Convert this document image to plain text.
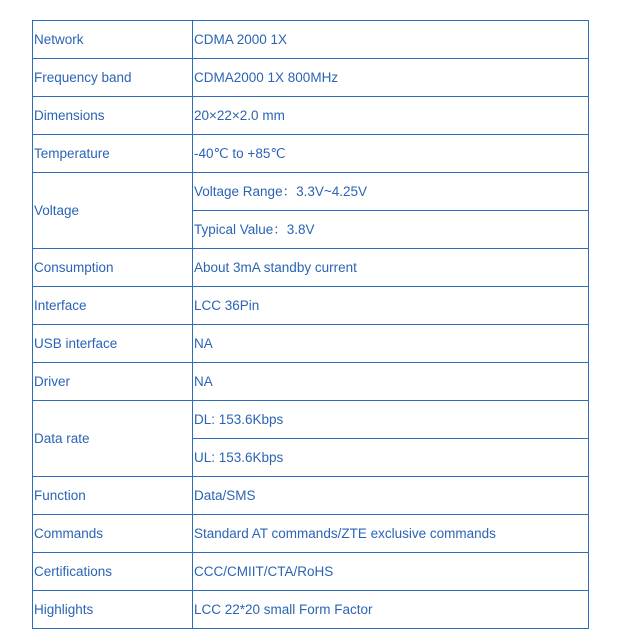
Network	CDMA 2000 1X
Frequency band	CDMA2000 1X 800MHz
Dimensions	20×22×2.0 mm
Temperature	-40℃ to +85℃
Voltage	Voltage Range：3.3V~4.25V
	Typical Value：3.8V
Consumption	About 3mA standby current
Interface	LCC 36Pin
USB interface	NA
Driver	NA
Data rate	DL: 153.6Kbps
	UL: 153.6Kbps
Function	Data/SMS
Commands	Standard AT commands/ZTE exclusive commands
Certifications	CCC/CMIIT/CTA/RoHS
Highlights	LCC 22*20 small Form Factor
